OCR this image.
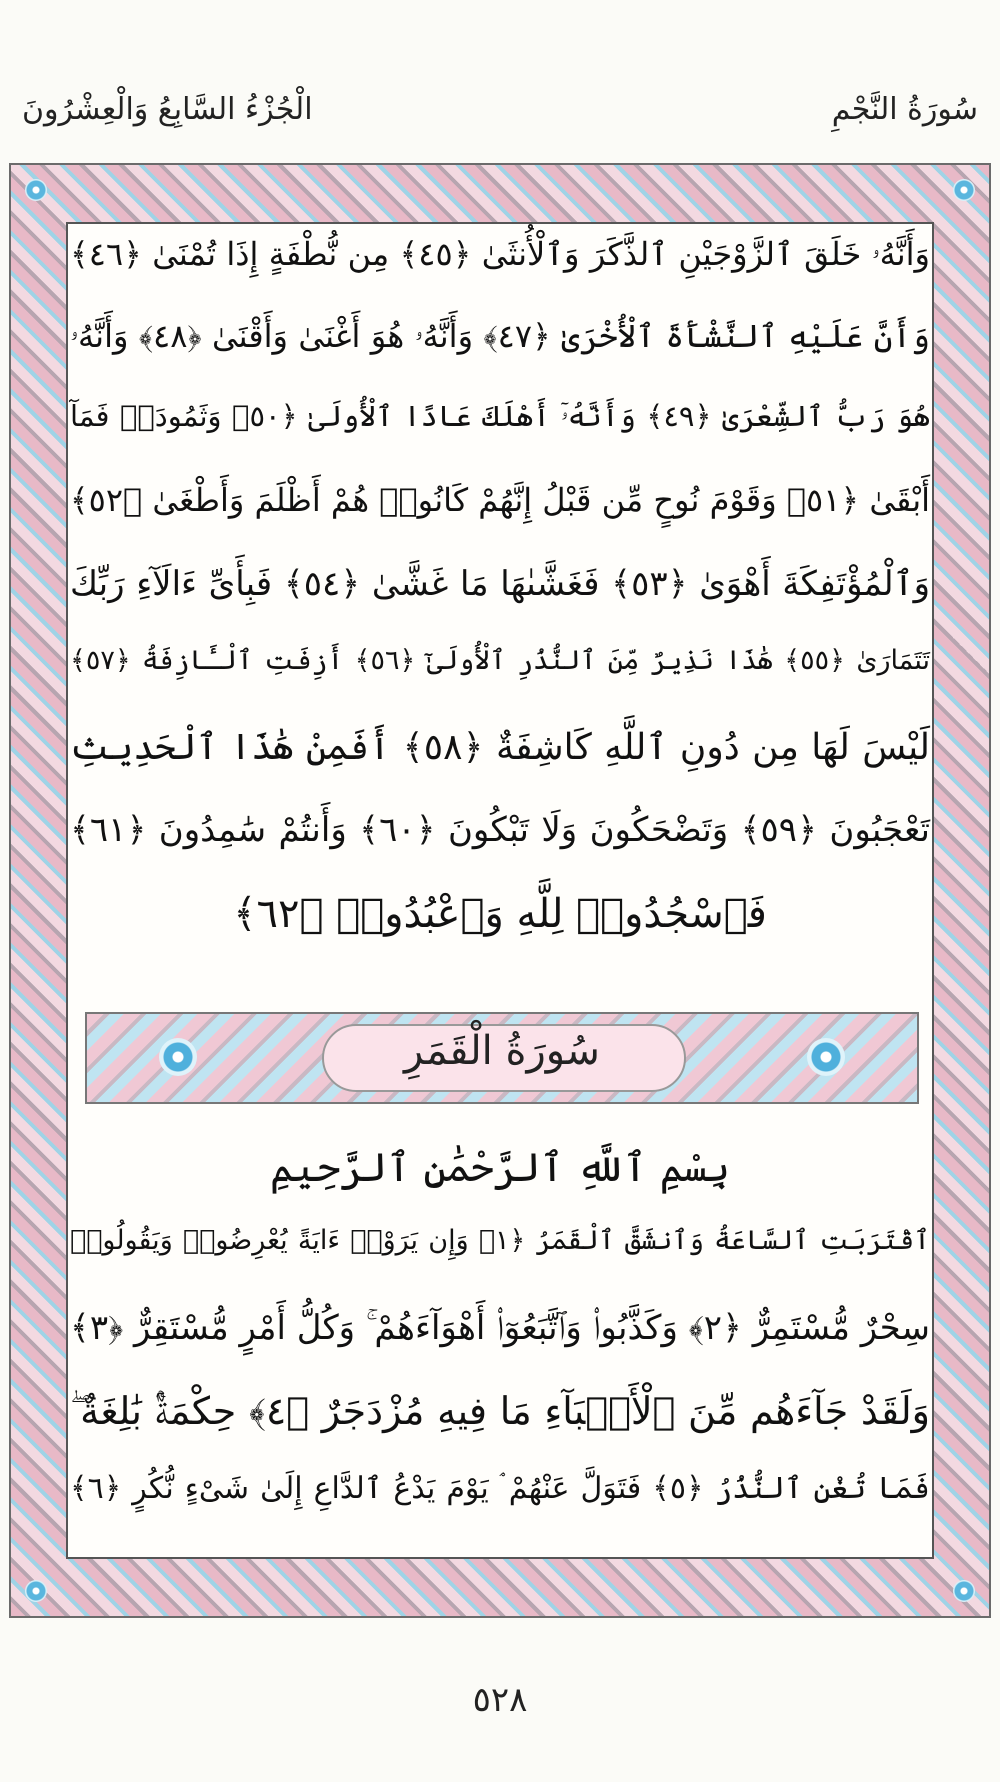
الْجُزْءُ السَّابِعُ وَالْعِشْرُونَ	سُورَةُ النَّجْمِ
وَأَنَّهُۥ خَلَقَ ٱلزَّوْجَيْنِ ٱلذَّكَرَ وَٱلْأُنثَىٰ ﴿٤٥﴾ مِن نُّطْفَةٍ إِذَا تُمْنَىٰ ﴿٤٦﴾
وَأَنَّ عَلَيْهِ ٱلنَّشْأَةَ ٱلْأُخْرَىٰ ﴿٤٧﴾ وَأَنَّهُۥ هُوَ أَغْنَىٰ وَأَقْنَىٰ ﴿٤٨﴾ وَأَنَّهُۥ
هُوَ رَبُّ ٱلشِّعْرَىٰ ﴿٤٩﴾ وَأَنَّهُۥٓ أَهْلَكَ عَادًا ٱلْأُولَىٰ ﴿٥٠﴾ وَثَمُودَا۟ فَمَآ
أَبْقَىٰ ﴿٥١﴾ وَقَوْمَ نُوحٍ مِّن قَبْلُ إِنَّهُمْ كَانُوا۟ هُمْ أَظْلَمَ وَأَطْغَىٰ ﴿٥٢﴾
وَٱلْمُؤْتَفِكَةَ أَهْوَىٰ ﴿٥٣﴾ فَغَشَّىٰهَا مَا غَشَّىٰ ﴿٥٤﴾ فَبِأَىِّ ءَالَآءِ رَبِّكَ
تَتَمَارَىٰ ﴿٥٥﴾ هَٰذَا نَذِيرٌ مِّنَ ٱلنُّذُرِ ٱلْأُولَىٰٓ ﴿٥٦﴾ أَزِفَتِ ٱلْـَٔازِفَةُ ﴿٥٧﴾
لَيْسَ لَهَا مِن دُونِ ٱللَّهِ كَاشِفَةٌ ﴿٥٨﴾ أَفَمِنْ هَٰذَا ٱلْحَدِيثِ
تَعْجَبُونَ ﴿٥٩﴾ وَتَضْحَكُونَ وَلَا تَبْكُونَ ﴿٦٠﴾ وَأَنتُمْ سَٰمِدُونَ ﴿٦١﴾
فَٱسْجُدُوا۟ لِلَّهِ وَٱعْبُدُوا۟ ﴿٦٢﴾
بِسْمِ ٱللَّهِ ٱلرَّحْمَٰنِ ٱلرَّحِيمِ
ٱقْتَرَبَتِ ٱلسَّاعَةُ وَٱنشَقَّ ٱلْقَمَرُ ﴿١﴾ وَإِن يَرَوْا۟ ءَايَةً يُعْرِضُوا۟ وَيَقُولُوا۟
سِحْرٌ مُّسْتَمِرٌّ ﴿٢﴾ وَكَذَّبُوا۟ وَٱتَّبَعُوٓا۟ أَهْوَآءَهُمْ ۚ وَكُلُّ أَمْرٍ مُّسْتَقِرٌّ ﴿٣﴾
وَلَقَدْ جَآءَهُم مِّنَ ٱلْأَنۢبَآءِ مَا فِيهِ مُزْدَجَرٌ ﴿٤﴾ حِكْمَةٌۢ بَٰلِغَةٌ ۖ
فَمَا تُغْنِ ٱلنُّذُرُ ﴿٥﴾ فَتَوَلَّ عَنْهُمْ ۘ يَوْمَ يَدْعُ ٱلدَّاعِ إِلَىٰ شَىْءٍ نُّكُرٍ ﴿٦﴾
سُورَةُ الْقَمَرِ
٥٢٨
